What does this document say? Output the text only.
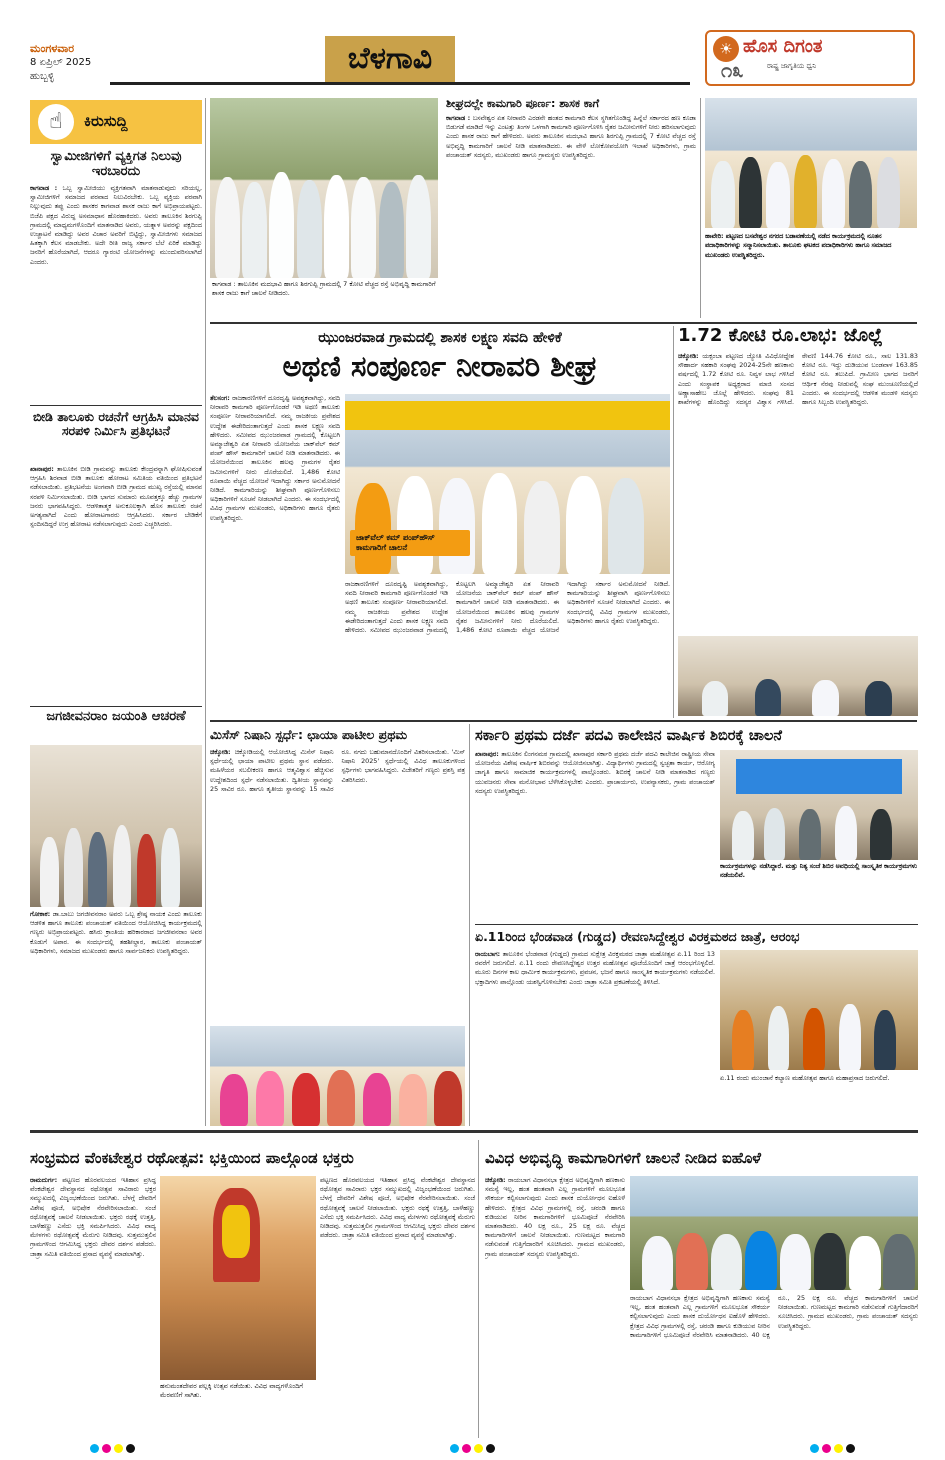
ಮಂಗಳವಾರ
8 ಏಪ್ರಿಲ್ 2025
ಹುಬ್ಬಳ್ಳಿ
ಬೆಳಗಾವಿ	☀ ಹೊಸ ದಿಗಂತ
ರಾಷ್ಟ್ರ ಜಾಗೃತಿಯ ಧ್ವನಿ
೧೩
☝	ಕಿರುಸುದ್ದಿ
ಸ್ವಾಮೀಜಿಗಳಿಗೆ ವ್ಯಕ್ತಿಗತ ನಿಲುವು ಇರಬಾರದು
ಕಾಗವಾಡ : ಒಬ್ಬ ಸ್ವಾಮೀಜಿಯು ವ್ಯಕ್ತಿಗತವಾಗಿ ಮಾತನಾಡುವುದು ಸರಿಯಲ್ಲ, ಸ್ವಾಮೀಜಿಗಳಿಗೆ ಸಮಾಜದ ಪರವಾದ ನಿಲುವಿರಬೇಕು. ಒಬ್ಬ ವ್ಯಕ್ತಿಯ ಪರವಾಗಿ ನಿಲ್ಲುವುದು ತಪ್ಪು ಎಂದು ಶಾಸಕರ ಕಾಗವಾಡ ಶಾಸಕ ರಾಜು ಕಾಗೆ ಅಭಿಪ್ರಾಯಪಟ್ಟರು. ಬಿಜೆಪಿ ಪಕ್ಷದ ವಿರುದ್ಧ ಅಸಮಾಧಾನ ಹೊರಹಾಕಿದರು. ಅವರು ತಾಲೂಕಿನ ಶಿರಗುಪ್ಪಿ ಗ್ರಾಮದಲ್ಲಿ ಮಾಧ್ಯಮಗಳೊಂದಿಗೆ ಮಾತನಾಡಿದ ಅವರು, ಯತ್ನಾಳ ಅವರನ್ನು ಪಕ್ಷದಿಂದ ಉಚ್ಚಾಟನೆ ಮಾಡಿದ್ದು ಅವರ ವಿಚಾರ ಅವರಿಗೆ ಬಿಟ್ಟಿದ್ದು, ಸ್ವಾಮೀಜಿಗಳು ಸಮಾಜದ ಹಿತಕ್ಕಾಗಿ ಕೆಲಸ ಮಾಡಬೇಕು. ಅದೇ ರೀತಿ ರಾಜ್ಯ ಸರ್ಕಾರ ಬೆಲೆ ಏರಿಕೆ ಮಾಡಿದ್ದು ಜನರಿಗೆ ಹೊರೆಯಾಗಿದೆ, ಆದರೂ ಗ್ಯಾರಂಟಿ ಯೋಜನೆಗಳನ್ನು ಮುಂದುವರಿಸಲಾಗಿದೆ ಎಂದರು.
ಬೀಡಿ ತಾಲೂಕು ರಚನೆಗೆ ಆಗ್ರಹಿಸಿ ಮಾನವ ಸರಪಳಿ ನಿರ್ಮಿಸಿ ಪ್ರತಿಭಟನೆ
ಖಾನಾಪುರ: ತಾಲೂಕಿನ ಬೀಡಿ ಗ್ರಾಮವನ್ನು ತಾಲೂಕು ಕೇಂದ್ರವನ್ನಾಗಿ ಘೋಷಿಸುವಂತೆ ಆಗ್ರಹಿಸಿ ಶಿರವಾಡ ಬೀಡಿ ತಾಲೂಕು ಹೋರಾಟ ಸಮಿತಿಯ ವತಿಯಿಂದ ಪ್ರತಿಭಟನೆ ನಡೆಸಲಾಯಿತು. ಪ್ರತಿಭಟನೆಯ ಅಂಗವಾಗಿ ಬೀಡಿ ಗ್ರಾಮದ ಮುಖ್ಯ ರಸ್ತೆಯಲ್ಲಿ ಮಾನವ ಸರಪಳಿ ನಿರ್ಮಿಸಲಾಯಿತು. ಬೀಡಿ ಭಾಗದ ಸುಮಾರು ಮೂವತ್ತಕ್ಕೂ ಹೆಚ್ಚು ಗ್ರಾಮಗಳ ಜನರು ಭಾಗವಹಿಸಿದ್ದರು. ಆಡಳಿತಾತ್ಮಕ ಅನುಕೂಲಕ್ಕಾಗಿ ಹೊಸ ತಾಲೂಕು ರಚನೆ ಅಗತ್ಯವಾಗಿದೆ ಎಂದು ಹೋರಾಟಗಾರರು ಆಗ್ರಹಿಸಿದರು. ಸರ್ಕಾರ ಬೇಡಿಕೆಗೆ ಸ್ಪಂದಿಸದಿದ್ದರೆ ಉಗ್ರ ಹೋರಾಟ ನಡೆಸಲಾಗುವುದು ಎಂದು ಎಚ್ಚರಿಸಿದರು.
ಜಗಜೀವನರಾಂ ಜಯಂತಿ ಆಚರಣೆ
ಗೋಕಾಕ: ಡಾ.ಬಾಬು ಜಗಜೀವನರಾಂ ಅವರು ಒಬ್ಬ ಶ್ರೇಷ್ಠ ನಾಯಕ ಎಂದು ತಾಲೂಕು ಆಡಳಿತ ಹಾಗೂ ತಾಲೂಕು ಪಂಚಾಯತ್ ವತಿಯಿಂದ ಆಯೋಜಿಸಿದ್ದ ಕಾರ್ಯಕ್ರಮದಲ್ಲಿ ಗಣ್ಯರು ಅಭಿಪ್ರಾಯಪಟ್ಟರು. ಹಸಿರು ಕ್ರಾಂತಿಯ ಹರಿಕಾರರಾದ ಜಗಜೀವನರಾಂ ಅವರ ಕೊಡುಗೆ ಅಪಾರ. ಈ ಸಂದರ್ಭದಲ್ಲಿ ತಹಶೀಲ್ದಾರ, ತಾಲೂಕು ಪಂಚಾಯತ್ ಅಧಿಕಾರಿಗಳು, ಸಮಾಜದ ಮುಖಂಡರು ಹಾಗೂ ಸಾರ್ವಜನಿಕರು ಉಪಸ್ಥಿತರಿದ್ದರು.
ಕಾಗವಾಡ : ತಾಲೂಕಿನ ಮದಭಾವಿ ಹಾಗೂ ಶಿರಗುಪ್ಪಿ ಗ್ರಾಮದಲ್ಲಿ 7 ಕೋಟಿ ವೆಚ್ಚದ ರಸ್ತೆ ಅಭಿವೃದ್ಧಿ ಕಾಮಗಾರಿಗೆ ಶಾಸಕ ರಾಜು ಕಾಗೆ ಚಾಲನೆ ನೀಡಿದರು.
ಶೀಘ್ರದಲ್ಲೇ ಕಾಮಗಾರಿ ಪೂರ್ಣ: ಶಾಸಕ ಕಾಗೆ
ಕಾಗವಾಡ : ಬಸವೇಶ್ವರ ಏತ ನೀರಾವರಿ ಎರಡನೇ ಹಂತದ ಕಾಮಗಾರಿ ಕೆಲಸ ಸ್ಥಗಿತಗೊಂಡಿದ್ದ ಹಿನ್ನೆಲೆ ಸರ್ಕಾರದ ಹಣ ಕೂಡಾ ಬಿಡುಗಡೆ ಮಾಡಿದೆ ಇನ್ನು ಎಂಟತ್ತು ತಿಂಗಳ ಒಳಗಾಗಿ ಕಾಮಗಾರಿ ಪೂರ್ಣಗೊಳಿಸಿ ರೈತರ ಜಮೀನುಗಳಿಗೆ ನೀರು ಹರಿಸಲಾಗುವುದು ಎಂದು ಶಾಸಕ ರಾಜು ಕಾಗೆ ಹೇಳಿದರು. ಅವರು ತಾಲೂಕಿನ ಮದಭಾವಿ ಹಾಗೂ ಶಿರಗುಪ್ಪಿ ಗ್ರಾಮದಲ್ಲಿ 7 ಕೋಟಿ ವೆಚ್ಚದ ರಸ್ತೆ ಅಭಿವೃದ್ಧಿ ಕಾಮಗಾರಿಗೆ ಚಾಲನೆ ನೀಡಿ ಮಾತನಾಡಿದರು. ಈ ವೇಳೆ ಲೋಕೋಪಯೋಗಿ ಇಲಾಖೆ ಅಧಿಕಾರಿಗಳು, ಗ್ರಾಮ ಪಂಚಾಯತ್ ಸದಸ್ಯರು, ಮುಖಂಡರು ಹಾಗೂ ಗ್ರಾಮಸ್ಥರು ಉಪಸ್ಥಿತರಿದ್ದರು.
ಹಾವೇರಿ: ಪಟ್ಟಣದ ಬಸವೇಶ್ವರ ನಗರದ ಬಡಾವಣೆಯಲ್ಲಿ ನಡೆದ ಕಾರ್ಯಕ್ರಮದಲ್ಲಿ ನೂತನ ಪದಾಧಿಕಾರಿಗಳನ್ನು ಸನ್ಮಾನಿಸಲಾಯಿತು. ತಾಲೂಕು ಘಟಕದ ಪದಾಧಿಕಾರಿಗಳು ಹಾಗೂ ಸಮಾಜದ ಮುಖಂಡರು ಉಪಸ್ಥಿತರಿದ್ದರು.
ಝುಂಜರವಾಡ ಗ್ರಾಮದಲ್ಲಿ ಶಾಸಕ ಲಕ್ಷ್ಮಣ ಸವದಿ ಹೇಳಿಕೆ
ಅಥಣಿ ಸಂಪೂರ್ಣ ನೀರಾವರಿ ಶೀಘ್ರ
ತೆಲಸಂಗ: ರಾಜಕಾರಣಿಗಳಿಗೆ ದೂರದೃಷ್ಟಿ ಅವಶ್ಯಕವಾಗಿದ್ದು, ಸವದಿ ನೀರಾವರಿ ಕಾಮಗಾರಿ ಪೂರ್ಣಗೊಂಡರೆ ಇಡಿ ಅಥಣಿ ತಾಲೂಕು ಸಂಪೂರ್ಣ ನೀರಾವರಿಯಾಗಲಿದೆ. ನಮ್ಮ ರಾಜಕೀಯ ಪ್ರವೇಶದ ಉದ್ದೇಶ ಈಡೇರಿದಂತಾಗುತ್ತದೆ ಎಂದು ಶಾಸಕ ಲಕ್ಷ್ಮಣ ಸವದಿ ಹೇಳಿದರು. ಸಮೀಪದ ಝುಂಜರವಾಡ ಗ್ರಾಮದಲ್ಲಿ ಕೊಟ್ಟಲಗಿ ಅಮ್ಮಾಜೇಶ್ವರಿ ಏತ ನೀರಾವರಿ ಯೋಜನೆಯ ಜಾಕ್‌ವೆಲ್ ಕಮ್ ಪಂಪ್ ಹೌಸ್ ಕಾಮಗಾರಿಗೆ ಚಾಲನೆ ನೀಡಿ ಮಾತನಾಡಿದರು. ಈ ಯೋಜನೆಯಿಂದ ತಾಲೂಕಿನ ಹಲವು ಗ್ರಾಮಗಳ ರೈತರ ಜಮೀನುಗಳಿಗೆ ನೀರು ದೊರೆಯಲಿದೆ. 1,486 ಕೋಟಿ ರೂಪಾಯಿ ವೆಚ್ಚದ ಯೋಜನೆ ಇದಾಗಿದ್ದು ಸರ್ಕಾರ ಅನುಮೋದನೆ ನೀಡಿದೆ. ಕಾಮಗಾರಿಯನ್ನು ಶೀಘ್ರವಾಗಿ ಪೂರ್ಣಗೊಳಿಸಲು ಅಧಿಕಾರಿಗಳಿಗೆ ಸೂಚನೆ ನೀಡಲಾಗಿದೆ ಎಂದರು. ಈ ಸಂದರ್ಭದಲ್ಲಿ ವಿವಿಧ ಗ್ರಾಮಗಳ ಮುಖಂಡರು, ಅಧಿಕಾರಿಗಳು ಹಾಗೂ ರೈತರು ಉಪಸ್ಥಿತರಿದ್ದರು.
ಜಾಕ್‌ವೆಲ್ ಕಮ್ ಪಂಪ್‌ಹೌಸ್ ಕಾಮಗಾರಿಗೆ ಚಾಲನೆ
ರಾಜಕಾರಣಿಗಳಿಗೆ ದೂರದೃಷ್ಟಿ ಅವಶ್ಯಕವಾಗಿದ್ದು, ಸವದಿ ನೀರಾವರಿ ಕಾಮಗಾರಿ ಪೂರ್ಣಗೊಂಡರೆ ಇಡಿ ಅಥಣಿ ತಾಲೂಕು ಸಂಪೂರ್ಣ ನೀರಾವರಿಯಾಗಲಿದೆ. ನಮ್ಮ ರಾಜಕೀಯ ಪ್ರವೇಶದ ಉದ್ದೇಶ ಈಡೇರಿದಂತಾಗುತ್ತದೆ ಎಂದು ಶಾಸಕ ಲಕ್ಷ್ಮಣ ಸವದಿ ಹೇಳಿದರು. ಸಮೀಪದ ಝುಂಜರವಾಡ ಗ್ರಾಮದಲ್ಲಿ ಕೊಟ್ಟಲಗಿ ಅಮ್ಮಾಜೇಶ್ವರಿ ಏತ ನೀರಾವರಿ ಯೋಜನೆಯ ಜಾಕ್‌ವೆಲ್ ಕಮ್ ಪಂಪ್ ಹೌಸ್ ಕಾಮಗಾರಿಗೆ ಚಾಲನೆ ನೀಡಿ ಮಾತನಾಡಿದರು. ಈ ಯೋಜನೆಯಿಂದ ತಾಲೂಕಿನ ಹಲವು ಗ್ರಾಮಗಳ ರೈತರ ಜಮೀನುಗಳಿಗೆ ನೀರು ದೊರೆಯಲಿದೆ. 1,486 ಕೋಟಿ ರೂಪಾಯಿ ವೆಚ್ಚದ ಯೋಜನೆ ಇದಾಗಿದ್ದು ಸರ್ಕಾರ ಅನುಮೋದನೆ ನೀಡಿದೆ. ಕಾಮಗಾರಿಯನ್ನು ಶೀಘ್ರವಾಗಿ ಪೂರ್ಣಗೊಳಿಸಲು ಅಧಿಕಾರಿಗಳಿಗೆ ಸೂಚನೆ ನೀಡಲಾಗಿದೆ ಎಂದರು. ಈ ಸಂದರ್ಭದಲ್ಲಿ ವಿವಿಧ ಗ್ರಾಮಗಳ ಮುಖಂಡರು, ಅಧಿಕಾರಿಗಳು ಹಾಗೂ ರೈತರು ಉಪಸ್ಥಿತರಿದ್ದರು.
1.72 ಕೋಟಿ ರೂ.ಲಾಭ: ಜೊಲ್ಲೆ
ಚಿಕ್ಕೋಡಿ: ಯಕ್ಸಂಬಾ ಪಟ್ಟಣದ ಜ್ಯೋತಿ ವಿವಿಧೋದ್ದೇಶ ಸೌಹಾರ್ದ ಸಹಕಾರಿ ಸಂಘವು 2024-25ನೇ ಹಣಕಾಸು ವರ್ಷದಲ್ಲಿ 1.72 ಕೋಟಿ ರೂ. ನಿವ್ವಳ ಲಾಭ ಗಳಿಸಿದೆ ಎಂದು ಸಂಸ್ಥಾಪಕ ಅಧ್ಯಕ್ಷರಾದ ಮಾಜಿ ಸಂಸದ ಅಣ್ಣಾಸಾಹೇಬ ಜೊಲ್ಲೆ ಹೇಳಿದರು. ಸಂಘವು 81 ಶಾಖೆಗಳನ್ನು ಹೊಂದಿದ್ದು ಸದಸ್ಯರ ವಿಶ್ವಾಸ ಗಳಿಸಿದೆ. ಠೇವಣಿ 144.76 ಕೋಟಿ ರೂ., ಸಾಲ 131.83 ಕೋಟಿ ರೂ. ಇದ್ದು ದುಡಿಯುವ ಬಂಡವಾಳ 163.85 ಕೋಟಿ ರೂ. ತಲುಪಿದೆ. ಗ್ರಾಮೀಣ ಭಾಗದ ಜನರಿಗೆ ಆರ್ಥಿಕ ನೆರವು ನೀಡುವಲ್ಲಿ ಸಂಘ ಮುಂಚೂಣಿಯಲ್ಲಿದೆ ಎಂದರು. ಈ ಸಂದರ್ಭದಲ್ಲಿ ಆಡಳಿತ ಮಂಡಳಿ ಸದಸ್ಯರು ಹಾಗೂ ಸಿಬ್ಬಂದಿ ಉಪಸ್ಥಿತರಿದ್ದರು.
ಮಿಸೆಸ್ ನಿಷಾನಿ ಸ್ಪರ್ಧೆ: ಛಾಯಾ ಪಾಟೀಲ ಪ್ರಥಮ
ಚಿಕ್ಕೋಡಿ: ಚಿಕ್ಕೋಡಿಯಲ್ಲಿ ಆಯೋಜಿಸಿದ್ದ ಮಿಸೆಸ್ ನಿಷಾನಿ ಸ್ಪರ್ಧೆಯಲ್ಲಿ ಛಾಯಾ ಪಾಟೀಲ ಪ್ರಥಮ ಸ್ಥಾನ ಪಡೆದರು. ಮಹಿಳೆಯರ ಸಬಲೀಕರಣ ಹಾಗೂ ಆತ್ಮವಿಶ್ವಾಸ ಹೆಚ್ಚಿಸುವ ಉದ್ದೇಶದಿಂದ ಸ್ಪರ್ಧೆ ನಡೆಸಲಾಯಿತು. ದ್ವಿತೀಯ ಸ್ಥಾನವನ್ನು 25 ಸಾವಿರ ರೂ. ಹಾಗೂ ತೃತೀಯ ಸ್ಥಾನವನ್ನು 15 ಸಾವಿರ ರೂ. ನಗದು ಬಹುಮಾನದೊಂದಿಗೆ ವಿತರಿಸಲಾಯಿತು. 'ಮಿಸ್ ನಿಷಾನಿ 2025' ಸ್ಪರ್ಧೆಯಲ್ಲಿ ವಿವಿಧ ತಾಲೂಕುಗಳಿಂದ ಸ್ಪರ್ಧಿಗಳು ಭಾಗವಹಿಸಿದ್ದರು. ವಿಜೇತರಿಗೆ ಗಣ್ಯರು ಪ್ರಶಸ್ತಿ ಪತ್ರ ವಿತರಿಸಿದರು.
ಸರ್ಕಾರಿ ಪ್ರಥಮ ದರ್ಜೆ ಪದವಿ ಕಾಲೇಜಿನ ವಾರ್ಷಿಕ ಶಿಬಿರಕ್ಕೆ ಚಾಲನೆ
ಖಾನಾಪುರ: ತಾಲೂಕಿನ ಲಿಂಗನಮಠ ಗ್ರಾಮದಲ್ಲಿ ಖಾನಾಪುರ ಸರ್ಕಾರಿ ಪ್ರಥಮ ದರ್ಜೆ ಪದವಿ ಕಾಲೇಜಿನ ರಾಷ್ಟ್ರೀಯ ಸೇವಾ ಯೋಜನೆಯ ವಿಶೇಷ ವಾರ್ಷಿಕ ಶಿಬಿರವನ್ನು ಆಯೋಜಿಸಲಾಗಿತ್ತು. ವಿದ್ಯಾರ್ಥಿಗಳು ಗ್ರಾಮದಲ್ಲಿ ಸ್ವಚ್ಛತಾ ಕಾರ್ಯ, ಆರೋಗ್ಯ ಜಾಗೃತಿ ಹಾಗೂ ಸಾಮಾಜಿಕ ಕಾರ್ಯಕ್ರಮಗಳಲ್ಲಿ ಪಾಲ್ಗೊಂಡರು. ಶಿಬಿರಕ್ಕೆ ಚಾಲನೆ ನೀಡಿ ಮಾತನಾಡಿದ ಗಣ್ಯರು ಯುವಜನರು ಸೇವಾ ಮನೋಭಾವ ಬೆಳೆಸಿಕೊಳ್ಳಬೇಕು ಎಂದರು. ಪ್ರಾಚಾರ್ಯರು, ಉಪನ್ಯಾಸಕರು, ಗ್ರಾಮ ಪಂಚಾಯತ್ ಸದಸ್ಯರು ಉಪಸ್ಥಿತರಿದ್ದರು.
ಕಾರ್ಯಕ್ರಮಗಳನ್ನು ನಡೆಸಿದ್ದಾರೆ. ಮತ್ತು ನಿತ್ಯ ಸಂಜೆ ಶಿಬಿರ ಅವಧಿಯಲ್ಲಿ ಸಾಂಸ್ಕೃತಿಕ ಕಾರ್ಯಕ್ರಮಗಳು ನಡೆಯಲಿವೆ.
ಏ.11ರಿಂದ ಭೆಂಡವಾಡ (ಗುಡ್ಡದ) ರೇವಣಸಿದ್ದೇಶ್ವರ ವಿರಕ್ತಮಠದ ಜಾತ್ರೆ, ಆರಂಭ
ರಾಯಬಾಗ: ತಾಲೂಕಿನ ಭೆಂಡವಾಡ (ಗುಡ್ಡದ) ಗ್ರಾಮದ ಸುಕ್ಷೇತ್ರ ವಿರಕ್ತಮಠದ ಜಾತ್ರಾ ಮಹೋತ್ಸವ ಏ.11 ರಿಂದ 13 ರವರೆಗೆ ಜರುಗಲಿದೆ. ಏ.11 ರಂದು ರೇವಣಸಿದ್ದೇಶ್ವರ ಉತ್ತರ ಮಹೋತ್ಸವ ಪೂಜೆಯೊಂದಿಗೆ ಜಾತ್ರೆ ಆರಂಭಗೊಳ್ಳಲಿದೆ. ಮೂರು ದಿನಗಳ ಕಾಲ ಧಾರ್ಮಿಕ ಕಾರ್ಯಕ್ರಮಗಳು, ಪ್ರವಚನ, ಭಜನೆ ಹಾಗೂ ಸಾಂಸ್ಕೃತಿಕ ಕಾರ್ಯಕ್ರಮಗಳು ನಡೆಯಲಿವೆ. ಭಕ್ತಾದಿಗಳು ಪಾಲ್ಗೊಂಡು ಯಶಸ್ವಿಗೊಳಿಸಬೇಕು ಎಂದು ಜಾತ್ರಾ ಸಮಿತಿ ಪ್ರಕಟಣೆಯಲ್ಲಿ ತಿಳಿಸಿದೆ.
ಏ.11 ರಂದು ಮುಂಜಾನೆ ಕಲ್ಯಾಣ ಮಹೋತ್ಸವ ಹಾಗೂ ಮಹಾಪ್ರಸಾದ ಜರುಗಲಿದೆ.
ಸಂಭ್ರಮದ ವೆಂಕಟೇಶ್ವರ ರಥೋತ್ಸವ: ಭಕ್ತಿಯಿಂದ ಪಾಲ್ಗೊಂಡ ಭಕ್ತರು
ರಾಮದುರ್ಗ: ಪಟ್ಟಣದ ಹೊರವಲಯದ ಇತಿಹಾಸ ಪ್ರಸಿದ್ಧ ವೆಂಕಟೇಶ್ವರ ದೇವಸ್ಥಾನದ ರಥೋತ್ಸವ ಸಾವಿರಾರು ಭಕ್ತರ ಸಮ್ಮುಖದಲ್ಲಿ ವಿಜೃಂಭಣೆಯಿಂದ ಜರುಗಿತು. ಬೆಳಗ್ಗೆ ದೇವರಿಗೆ ವಿಶೇಷ ಪೂಜೆ, ಅಭಿಷೇಕ ನೆರವೇರಿಸಲಾಯಿತು. ಸಂಜೆ ರಥೋತ್ಸವಕ್ಕೆ ಚಾಲನೆ ನೀಡಲಾಯಿತು. ಭಕ್ತರು ರಥಕ್ಕೆ ಉತ್ತತ್ತಿ, ಬಾಳೆಹಣ್ಣು ಎಸೆದು ಭಕ್ತಿ ಸಮರ್ಪಿಸಿದರು. ವಿವಿಧ ವಾದ್ಯ ಮೇಳಗಳು ರಥೋತ್ಸವಕ್ಕೆ ಮೆರುಗು ನೀಡಿದವು. ಸುತ್ತಮುತ್ತಲಿನ ಗ್ರಾಮಗಳಿಂದ ಆಗಮಿಸಿದ್ದ ಭಕ್ತರು ದೇವರ ದರ್ಶನ ಪಡೆದರು. ಜಾತ್ರಾ ಸಮಿತಿ ವತಿಯಿಂದ ಪ್ರಸಾದ ವ್ಯವಸ್ಥೆ ಮಾಡಲಾಗಿತ್ತು.
ಹನುಮಂತದೇವರ ಪಲ್ಲಕ್ಕಿ ಉತ್ಸವ ನಡೆಯಿತು. ವಿವಿಧ ವಾದ್ಯಗಳೊಂದಿಗೆ ಮೆರವಣಿಗೆ ಸಾಗಿತು.
ಪಟ್ಟಣದ ಹೊರವಲಯದ ಇತಿಹಾಸ ಪ್ರಸಿದ್ಧ ವೆಂಕಟೇಶ್ವರ ದೇವಸ್ಥಾನದ ರಥೋತ್ಸವ ಸಾವಿರಾರು ಭಕ್ತರ ಸಮ್ಮುಖದಲ್ಲಿ ವಿಜೃಂಭಣೆಯಿಂದ ಜರುಗಿತು. ಬೆಳಗ್ಗೆ ದೇವರಿಗೆ ವಿಶೇಷ ಪೂಜೆ, ಅಭಿಷೇಕ ನೆರವೇರಿಸಲಾಯಿತು. ಸಂಜೆ ರಥೋತ್ಸವಕ್ಕೆ ಚಾಲನೆ ನೀಡಲಾಯಿತು. ಭಕ್ತರು ರಥಕ್ಕೆ ಉತ್ತತ್ತಿ, ಬಾಳೆಹಣ್ಣು ಎಸೆದು ಭಕ್ತಿ ಸಮರ್ಪಿಸಿದರು. ವಿವಿಧ ವಾದ್ಯ ಮೇಳಗಳು ರಥೋತ್ಸವಕ್ಕೆ ಮೆರುಗು ನೀಡಿದವು. ಸುತ್ತಮುತ್ತಲಿನ ಗ್ರಾಮಗಳಿಂದ ಆಗಮಿಸಿದ್ದ ಭಕ್ತರು ದೇವರ ದರ್ಶನ ಪಡೆದರು. ಜಾತ್ರಾ ಸಮಿತಿ ವತಿಯಿಂದ ಪ್ರಸಾದ ವ್ಯವಸ್ಥೆ ಮಾಡಲಾಗಿತ್ತು.
ವಿವಿಧ ಅಭಿವೃದ್ಧಿ ಕಾಮಗಾರಿಗಳಿಗೆ ಚಾಲನೆ ನೀಡಿದ ಐಹೊಳೆ
ಚಿಕ್ಕೋಡಿ: ರಾಯಬಾಗ ವಿಧಾನಸಭಾ ಕ್ಷೇತ್ರದ ಅಭಿವೃದ್ಧಿಗಾಗಿ ಹಣಕಾಸು ಸಮಸ್ಯೆ ಇಲ್ಲ, ಹಂತ ಹಂತವಾಗಿ ಎಲ್ಲ ಗ್ರಾಮಗಳಿಗೆ ಮೂಲಭೂತ ಸೌಕರ್ಯ ಕಲ್ಪಿಸಲಾಗುವುದು ಎಂದು ಶಾಸಕ ದುರ್ಯೋಧನ ಐಹೊಳೆ ಹೇಳಿದರು. ಕ್ಷೇತ್ರದ ವಿವಿಧ ಗ್ರಾಮಗಳಲ್ಲಿ ರಸ್ತೆ, ಚರಂಡಿ ಹಾಗೂ ಕುಡಿಯುವ ನೀರಿನ ಕಾಮಗಾರಿಗಳಿಗೆ ಭೂಮಿಪೂಜೆ ನೆರವೇರಿಸಿ ಮಾತನಾಡಿದರು. 40 ಲಕ್ಷ ರೂ., 25 ಲಕ್ಷ ರೂ. ವೆಚ್ಚದ ಕಾಮಗಾರಿಗಳಿಗೆ ಚಾಲನೆ ನೀಡಲಾಯಿತು. ಗುಣಮಟ್ಟದ ಕಾಮಗಾರಿ ನಡೆಸುವಂತೆ ಗುತ್ತಿಗೆದಾರರಿಗೆ ಸೂಚಿಸಿದರು. ಗ್ರಾಮದ ಮುಖಂಡರು, ಗ್ರಾಮ ಪಂಚಾಯತ್ ಸದಸ್ಯರು ಉಪಸ್ಥಿತರಿದ್ದರು.
ರಾಯಬಾಗ ವಿಧಾನಸಭಾ ಕ್ಷೇತ್ರದ ಅಭಿವೃದ್ಧಿಗಾಗಿ ಹಣಕಾಸು ಸಮಸ್ಯೆ ಇಲ್ಲ, ಹಂತ ಹಂತವಾಗಿ ಎಲ್ಲ ಗ್ರಾಮಗಳಿಗೆ ಮೂಲಭೂತ ಸೌಕರ್ಯ ಕಲ್ಪಿಸಲಾಗುವುದು ಎಂದು ಶಾಸಕ ದುರ್ಯೋಧನ ಐಹೊಳೆ ಹೇಳಿದರು. ಕ್ಷೇತ್ರದ ವಿವಿಧ ಗ್ರಾಮಗಳಲ್ಲಿ ರಸ್ತೆ, ಚರಂಡಿ ಹಾಗೂ ಕುಡಿಯುವ ನೀರಿನ ಕಾಮಗಾರಿಗಳಿಗೆ ಭೂಮಿಪೂಜೆ ನೆರವೇರಿಸಿ ಮಾತನಾಡಿದರು. 40 ಲಕ್ಷ ರೂ., 25 ಲಕ್ಷ ರೂ. ವೆಚ್ಚದ ಕಾಮಗಾರಿಗಳಿಗೆ ಚಾಲನೆ ನೀಡಲಾಯಿತು. ಗುಣಮಟ್ಟದ ಕಾಮಗಾರಿ ನಡೆಸುವಂತೆ ಗುತ್ತಿಗೆದಾರರಿಗೆ ಸೂಚಿಸಿದರು. ಗ್ರಾಮದ ಮುಖಂಡರು, ಗ್ರಾಮ ಪಂಚಾಯತ್ ಸದಸ್ಯರು ಉಪಸ್ಥಿತರಿದ್ದರು.
